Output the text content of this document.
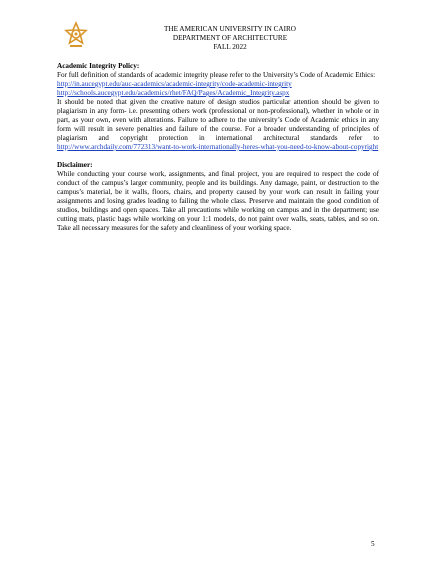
THE AMERICAN UNIVERSITY IN CAIRO
DEPARTMENT OF ARCHITECTURE
FALL 2022
Academic Integrity Policy:

For full definition of standards of academic integrity please refer to the University’s Code of Academic Ethics:

http://in.aucegypt.edu/auc-academics/academic-integrity/code-academic-integrity
http://schools.aucegypt.edu/academics/rhet/FAQ/Pages/Academic_Integrity.aspx

It should be noted that given the creative nature of design studios particular attention should be given to plagiarism in any form- i.e. presenting others work (professional or non-professional), whether in whole or in part, as your own, even with alterations. Failure to adhere to the university’s Code of Academic ethics in any form will result in severe penalties and failure of the course. For a broader understanding of principles of plagiarism and copyright protection in international architectural standards refer to http://www.archdaily.com/772313/want-to-work-internationally-heres-what-you-need-to-know-about-copyright

Disclaimer:

While conducting your course work, assignments, and final project, you are required to respect the code of conduct of the campus’s larger community, people and its buildings. Any damage, paint, or destruction to the campus’s material, be it walls, floors, chairs, and property caused by your work can result in failing your assignments and losing grades leading to failing the whole class. Preserve and maintain the good condition of studios, buildings and open spaces. Take all precautions while working on campus and in the department; use cutting mats, plastic bags while working on your 1:1 models, do not paint over walls, seats, tables, and so on. Take all necessary measures for the safety and cleanliness of your working space.

5
